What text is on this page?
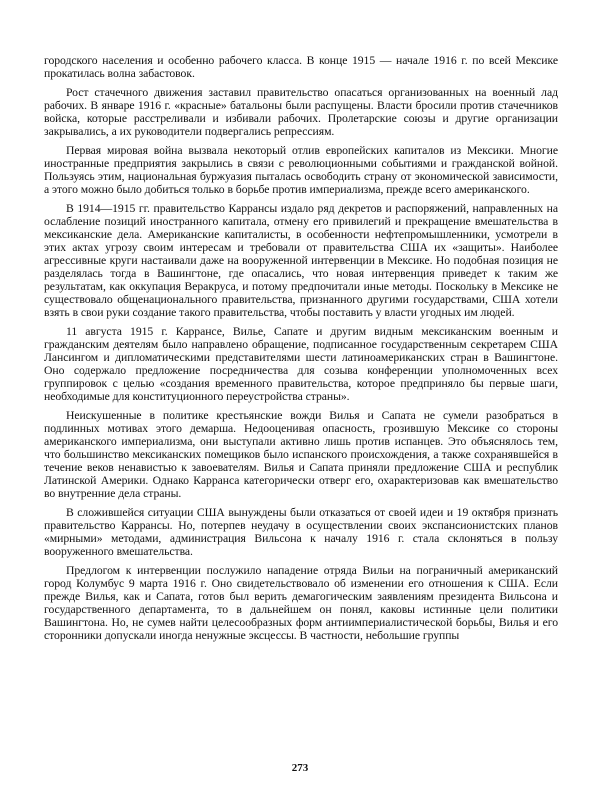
городского населения и особенно рабочего класса. В конце 1915 — начале 1916 г. по всей Мексике прокатилась волна забастовок.

Рост стачечного движения заставил правительство опасаться организованных на военный лад рабочих. В январе 1916 г. «красные» батальоны были распущены. Власти бросили против стачечников войска, которые расстреливали и избивали рабочих. Пролетарские союзы и другие организации закрывались, а их руководители подвергались репрессиям.

Первая мировая война вызвала некоторый отлив европейских капиталов из Мексики. Многие иностранные предприятия закрылись в связи с революционными событиями и гражданской войной. Пользуясь этим, национальная буржуазия пыталась освободить страну от экономической зависимости, а этого можно было добиться только в борьбе против империализма, прежде всего американского.

В 1914—1915 гг. правительство Каррансы издало ряд декретов и распоряжений, направленных на ослабление позиций иностранного капитала, отмену его привилегий и прекращение вмешательства в мексиканские дела. Американские капиталисты, в особенности нефтепромышленники, усмотрели в этих актах угрозу своим интересам и требовали от правительства США их «защиты». Наиболее агрессивные круги настаивали даже на вооруженной интервенции в Мексике. Но подобная позиция не разделялась тогда в Вашингтоне, где опасались, что новая интервенция приведет к таким же результатам, как оккупация Веракруса, и потому предпочитали иные методы. Поскольку в Мексике не существовало общенационального правительства, признанного другими государствами, США хотели взять в свои руки создание такого правительства, чтобы поставить у власти угодных им людей.

11 августа 1915 г. Каррансе, Вилье, Сапате и другим видным мексиканским военным и гражданским деятелям было направлено обращение, подписанное государственным секретарем США Лансингом и дипломатическими представителями шести латиноамериканских стран в Вашингтоне. Оно содержало предложение посредничества для созыва конференции уполномоченных всех группировок с целью «создания временного правительства, которое предприняло бы первые шаги, необходимые для конституционного переустройства страны».

Неискушенные в политике крестьянские вожди Вилья и Сапата не сумели разобраться в подлинных мотивах этого демарша. Недооценивая опасность, грозившую Мексике со стороны американского империализма, они выступали активно лишь против испанцев. Это объяснялось тем, что большинство мексиканских помещиков было испанского происхождения, а также сохранявшейся в течение веков ненавистью к завоевателям. Вилья и Сапата приняли предложение США и республик Латинской Америки. Однако Карранса категорически отверг его, охарактеризовав как вмешательство во внутренние дела страны.

В сложившейся ситуации США вынуждены были отказаться от своей идеи и 19 октября признать правительство Каррансы. Но, потерпев неудачу в осуществлении своих экспансионистских планов «мирными» методами, администрация Вильсона к началу 1916 г. стала склоняться в пользу вооруженного вмешательства.

Предлогом к интервенции послужило нападение отряда Вильи на пограничный американский город Колумбус 9 марта 1916 г. Оно свидетельствовало об изменении его отношения к США. Если прежде Вилья, как и Сапата, готов был верить демагогическим заявлениям президента Вильсона и государственного департамента, то в дальнейшем он понял, каковы истинные цели политики Вашингтона. Но, не сумев найти целесообразных форм антиимпериалистической борьбы, Вилья и его сторонники допускали иногда ненужные эксцессы. В частности, небольшие группы

273
